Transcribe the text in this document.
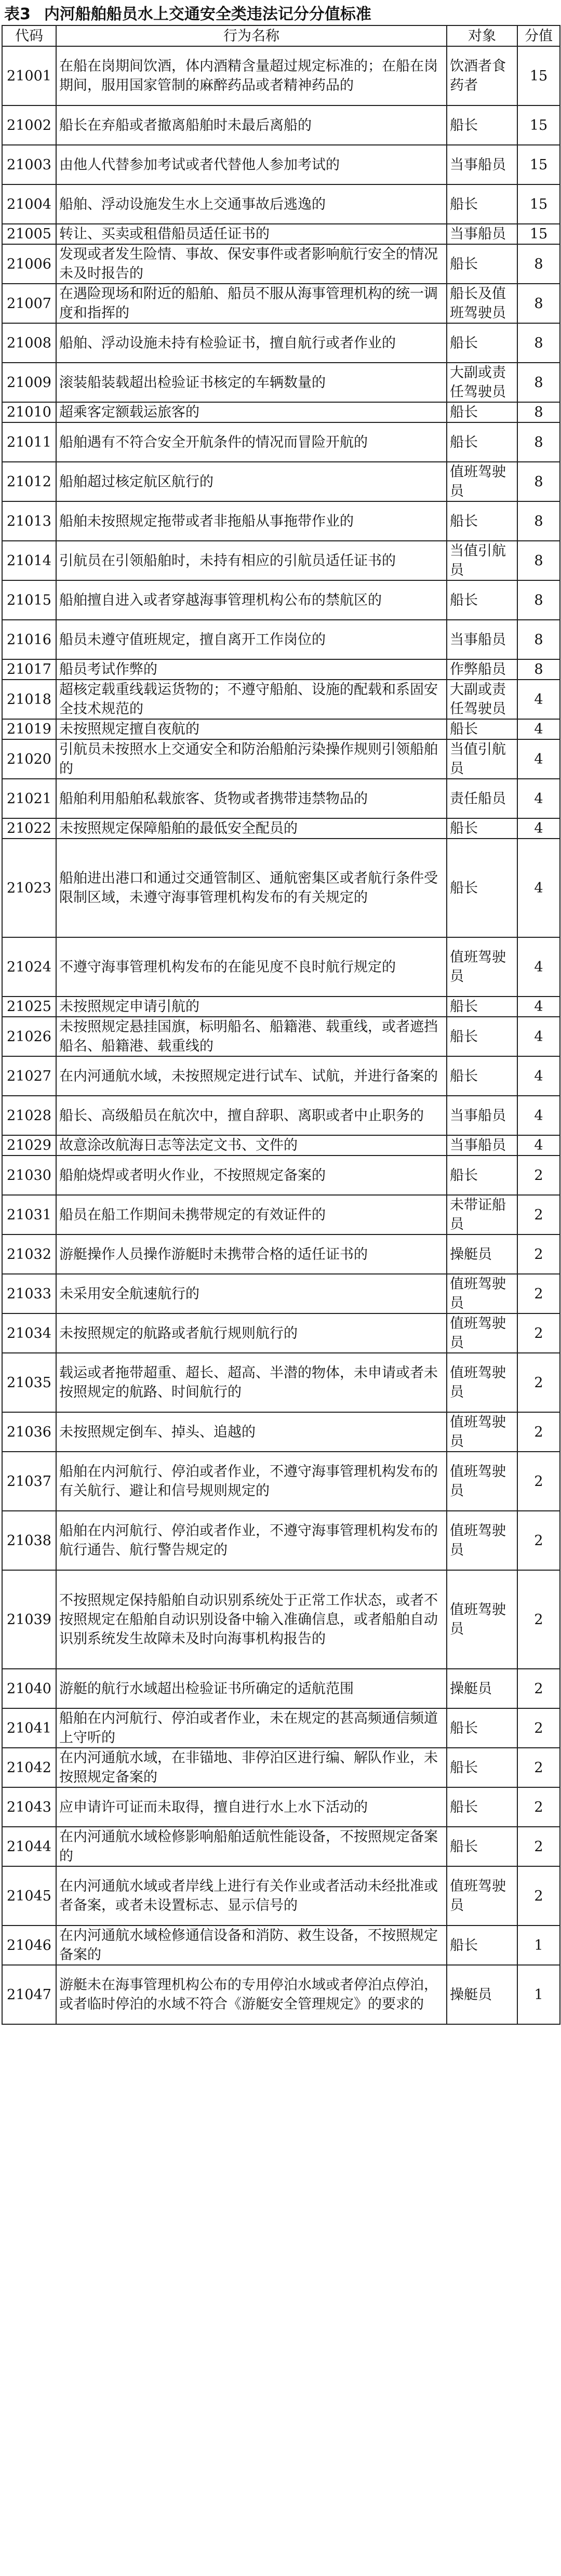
表3 内河船舶船员水上交通安全类违法记分分值标准
代码	行为名称	对象	分值
21001	在船在岗期间饮酒，体内酒精含量超过规定标准的；在船在岗期间，服用国家管制的麻醉药品或者精神药品的	饮酒者食药者	15
21002	船长在弃船或者撤离船舶时未最后离船的	船长	15
21003	由他人代替参加考试或者代替他人参加考试的	当事船员	15
21004	船舶、浮动设施发生水上交通事故后逃逸的	船长	15
21005	转让、买卖或租借船员适任证书的	当事船员	15
21006	发现或者发生险情、事故、保安事件或者影响航行安全的情况未及时报告的	船长	8
21007	在遇险现场和附近的船舶、船员不服从海事管理机构的统一调度和指挥的	船长及值班驾驶员	8
21008	船舶、浮动设施未持有检验证书，擅自航行或者作业的	船长	8
21009	滚装船装载超出检验证书核定的车辆数量的	大副或责任驾驶员	8
21010	超乘客定额载运旅客的	船长	8
21011	船舶遇有不符合安全开航条件的情况而冒险开航的	船长	8
21012	船舶超过核定航区航行的	值班驾驶员	8
21013	船舶未按照规定拖带或者非拖船从事拖带作业的	船长	8
21014	引航员在引领船舶时，未持有相应的引航员适任证书的	当值引航员	8
21015	船舶擅自进入或者穿越海事管理机构公布的禁航区的	船长	8
21016	船员未遵守值班规定，擅自离开工作岗位的	当事船员	8
21017	船员考试作弊的	作弊船员	8
21018	超核定载重线载运货物的；不遵守船舶、设施的配载和系固安全技术规范的	大副或责任驾驶员	4
21019	未按照规定擅自夜航的	船长	4
21020	引航员未按照水上交通安全和防治船舶污染操作规则引领船舶的	当值引航员	4
21021	船舶利用船舶私载旅客、货物或者携带违禁物品的	责任船员	4
21022	未按照规定保障船舶的最低安全配员的	船长	4
21023	船舶进出港口和通过交通管制区、通航密集区或者航行条件受限制区域，未遵守海事管理机构发布的有关规定的	船长	4
21024	不遵守海事管理机构发布的在能见度不良时航行规定的	值班驾驶员	4
21025	未按照规定申请引航的	船长	4
21026	未按照规定悬挂国旗，标明船名、船籍港、载重线，或者遮挡船名、船籍港、载重线的	船长	4
21027	在内河通航水域，未按照规定进行试车、试航，并进行备案的	船长	4
21028	船长、高级船员在航次中，擅自辞职、离职或者中止职务的	当事船员	4
21029	故意涂改航海日志等法定文书、文件的	当事船员	4
21030	船舶烧焊或者明火作业，不按照规定备案的	船长	2
21031	船员在船工作期间未携带规定的有效证件的	未带证船员	2
21032	游艇操作人员操作游艇时未携带合格的适任证书的	操艇员	2
21033	未采用安全航速航行的	值班驾驶员	2
21034	未按照规定的航路或者航行规则航行的	值班驾驶员	2
21035	载运或者拖带超重、超长、超高、半潜的物体，未申请或者未按照规定的航路、时间航行的	值班驾驶员	2
21036	未按照规定倒车、掉头、追越的	值班驾驶员	2
21037	船舶在内河航行、停泊或者作业，不遵守海事管理机构发布的有关航行、避让和信号规则规定的	值班驾驶员	2
21038	船舶在内河航行、停泊或者作业，不遵守海事管理机构发布的航行通告、航行警告规定的	值班驾驶员	2
21039	不按照规定保持船舶自动识别系统处于正常工作状态，或者不按照规定在船舶自动识别设备中输入准确信息，或者船舶自动识别系统发生故障未及时向海事机构报告的	值班驾驶员	2
21040	游艇的航行水域超出检验证书所确定的适航范围	操艇员	2
21041	船舶在内河航行、停泊或者作业，未在规定的甚高频通信频道上守听的	船长	2
21042	在内河通航水域，在非锚地、非停泊区进行编、解队作业，未按照规定备案的	船长	2
21043	应申请许可证而未取得，擅自进行水上水下活动的	船长	2
21044	在内河通航水域检修影响船舶适航性能设备，不按照规定备案的	船长	2
21045	在内河通航水域或者岸线上进行有关作业或者活动未经批准或者备案，或者未设置标志、显示信号的	值班驾驶员	2
21046	在内河通航水域检修通信设备和消防、救生设备，不按照规定备案的	船长	1
21047	游艇未在海事管理机构公布的专用停泊水域或者停泊点停泊，或者临时停泊的水域不符合《游艇安全管理规定》的要求的	操艇员	1
